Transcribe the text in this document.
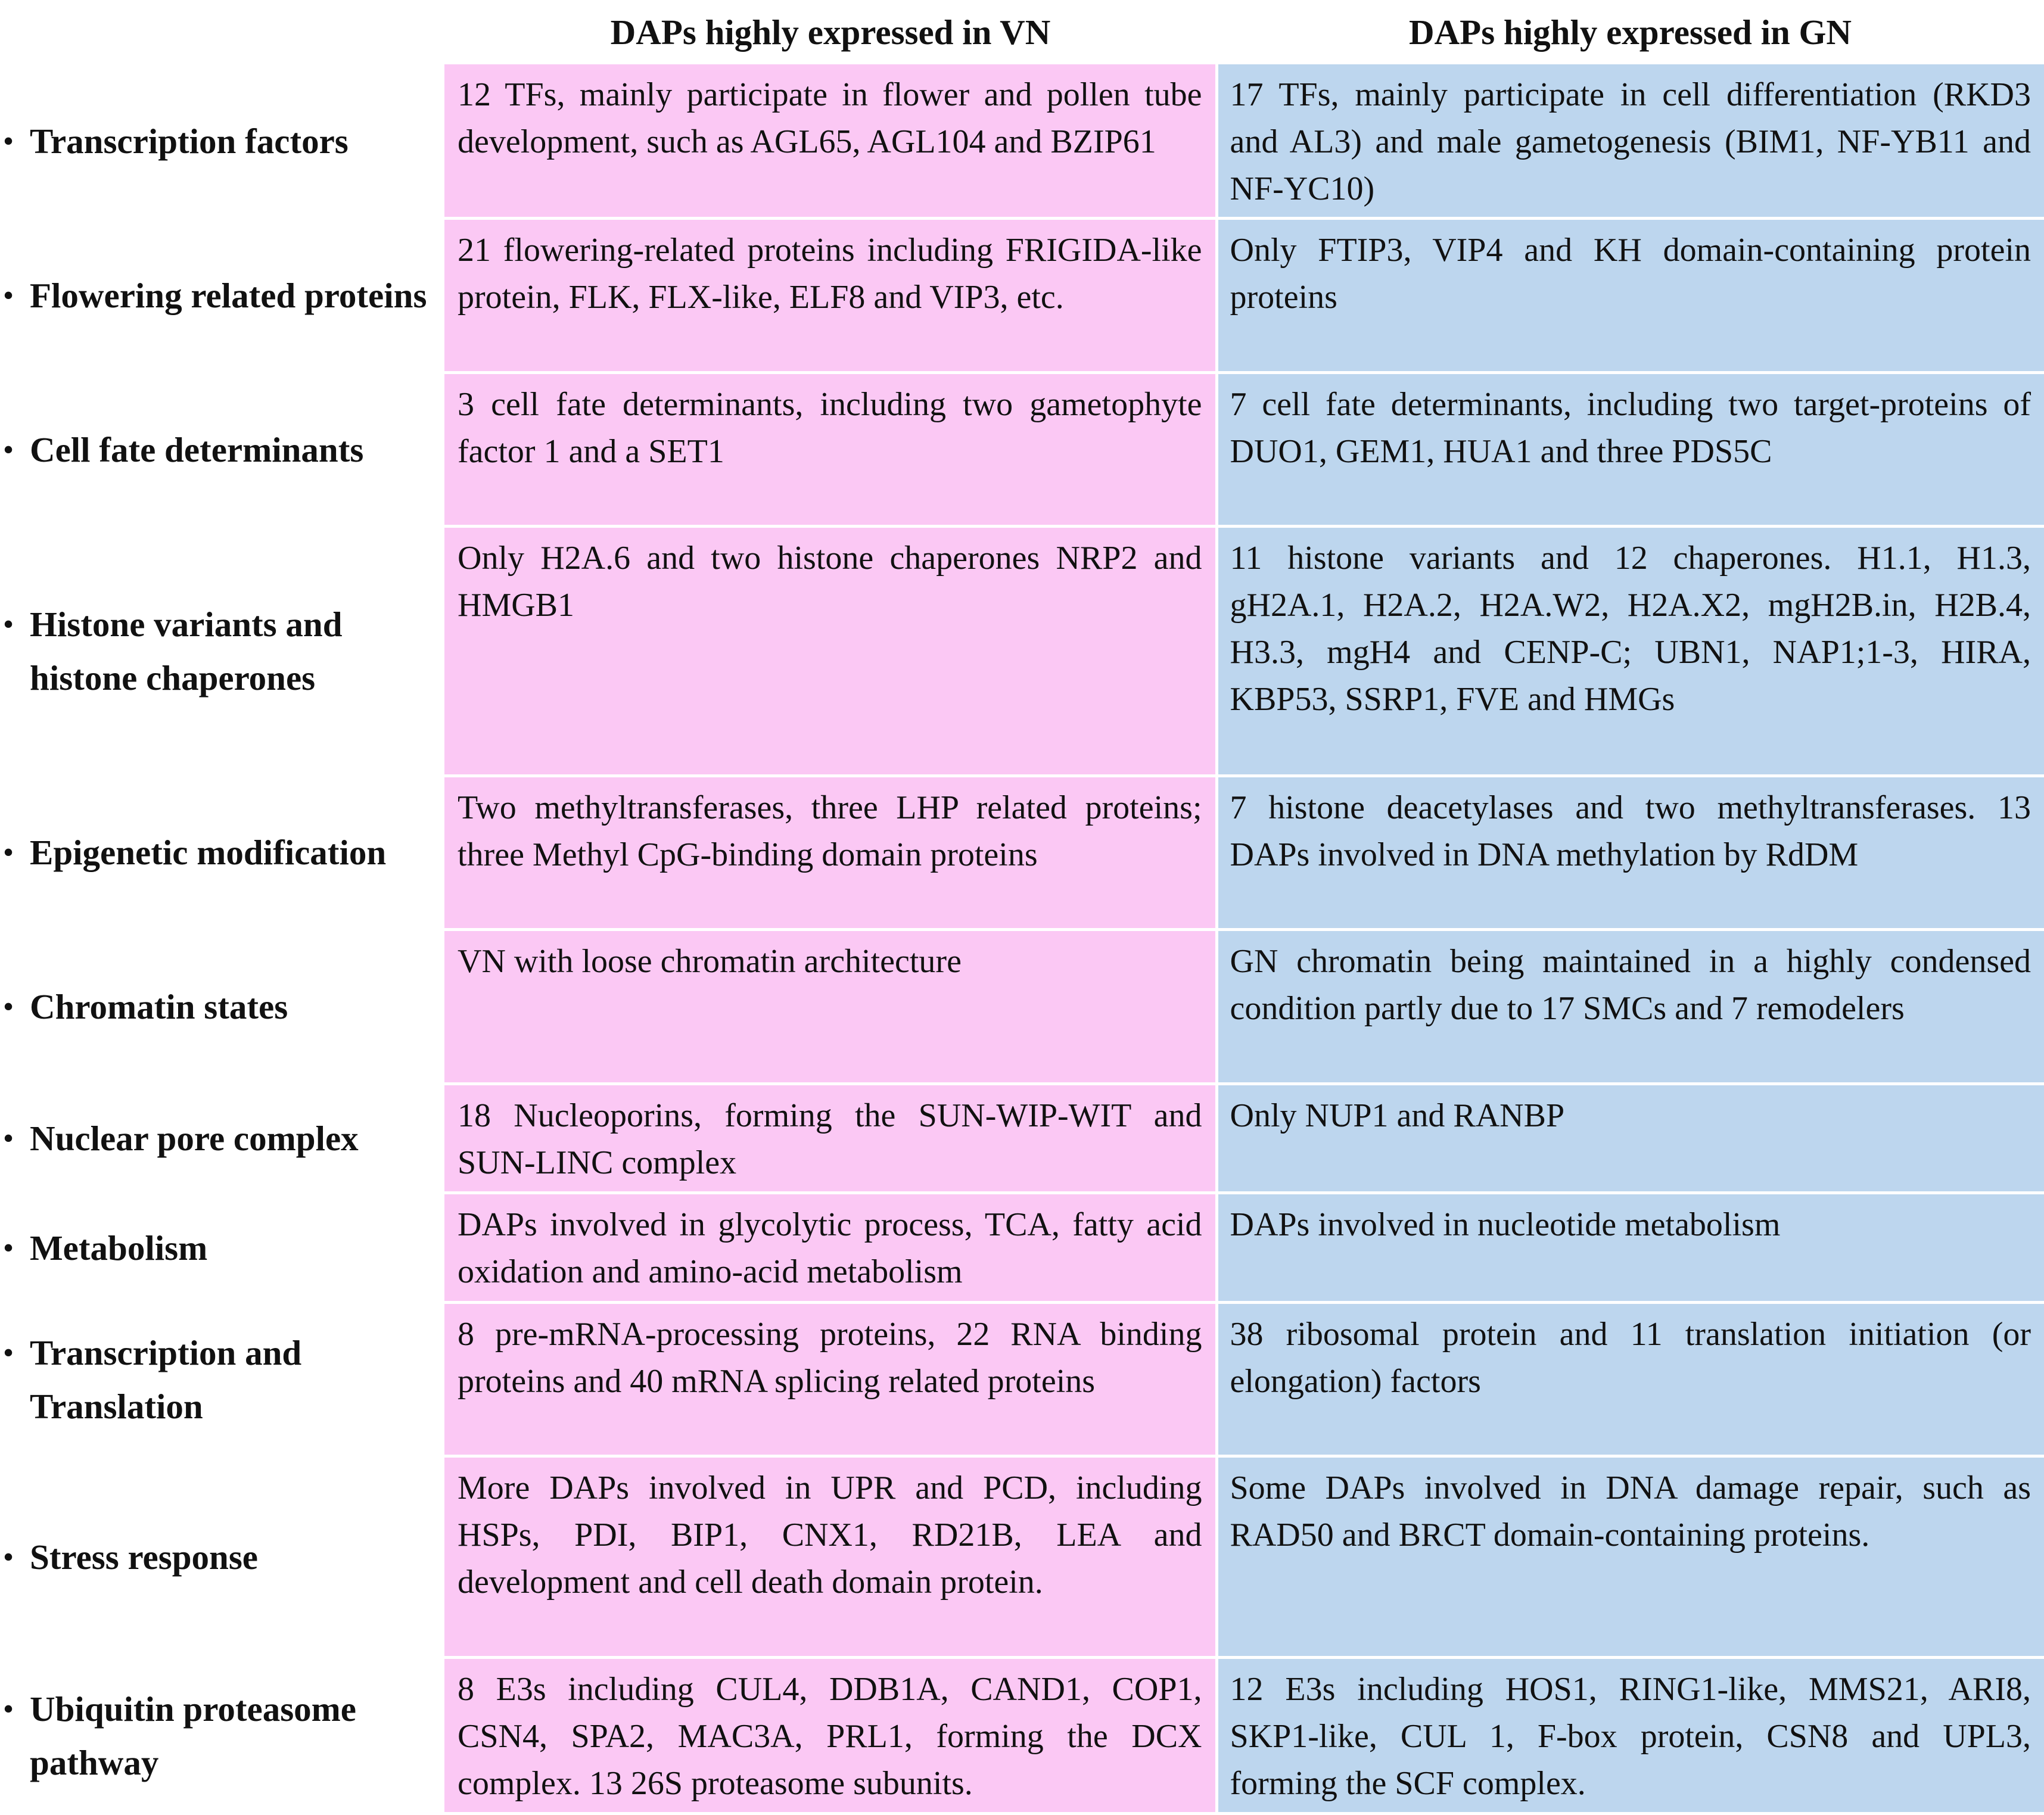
	DAPs highly expressed in VN	DAPs highly expressed in GN
• Transcription factors	12 TFs, mainly participate in flower and pollen tube development, such as AGL65, AGL104 and BZIP61	17 TFs, mainly participate in cell differentiation (RKD3 and AL3) and male gametogenesis (BIM1, NF-YB11 and NF-YC10)
• Flowering related proteins	21 flowering-related proteins including FRIGIDA-like protein, FLK, FLX-like, ELF8 and VIP3, etc.	Only FTIP3, VIP4 and KH domain-containing protein proteins
• Cell fate determinants	3 cell fate determinants, including two gametophyte factor 1 and a SET1	7 cell fate determinants, including two target-proteins of DUO1, GEM1, HUA1 and three PDS5C
• Histone variants and histone chaperones	Only H2A.6 and two histone chaperones NRP2 and HMGB1	11 histone variants and 12 chaperones. H1.1, H1.3, gH2A.1, H2A.2, H2A.W2, H2A.X2, mgH2B.in, H2B.4, H3.3, mgH4 and CENP-C; UBN1, NAP1;1-3, HIRA, KBP53, SSRP1, FVE and HMGs
• Epigenetic modification	Two methyltransferases, three LHP related proteins; three Methyl CpG-binding domain proteins	7 histone deacetylases and two methyltransferases. 13 DAPs involved in DNA methylation by RdDM
• Chromatin states	VN with loose chromatin architecture	GN chromatin being maintained in a highly condensed condition partly due to 17 SMCs and 7 remodelers
• Nuclear pore complex	18 Nucleoporins, forming the SUN-WIP-WIT and SUN-LINC complex	Only NUP1 and RANBP
• Metabolism	DAPs involved in glycolytic process, TCA, fatty acid oxidation and amino-acid metabolism	DAPs involved in nucleotide metabolism
• Transcription and Translation	8 pre-mRNA-processing proteins, 22 RNA binding proteins and 40 mRNA splicing related proteins	38 ribosomal protein and 11 translation initiation (or elongation) factors
• Stress response	More DAPs involved in UPR and PCD, including HSPs, PDI, BIP1, CNX1, RD21B, LEA and development and cell death domain protein.	Some DAPs involved in DNA damage repair, such as RAD50 and BRCT domain-containing proteins.
• Ubiquitin proteasome pathway	8 E3s including CUL4, DDB1A, CAND1, COP1, CSN4, SPA2, MAC3A, PRL1, forming the DCX complex. 13 26S proteasome subunits.	12 E3s including HOS1, RING1-like, MMS21, ARI8, SKP1-like, CUL 1, F-box protein, CSN8 and UPL3, forming the SCF complex.
